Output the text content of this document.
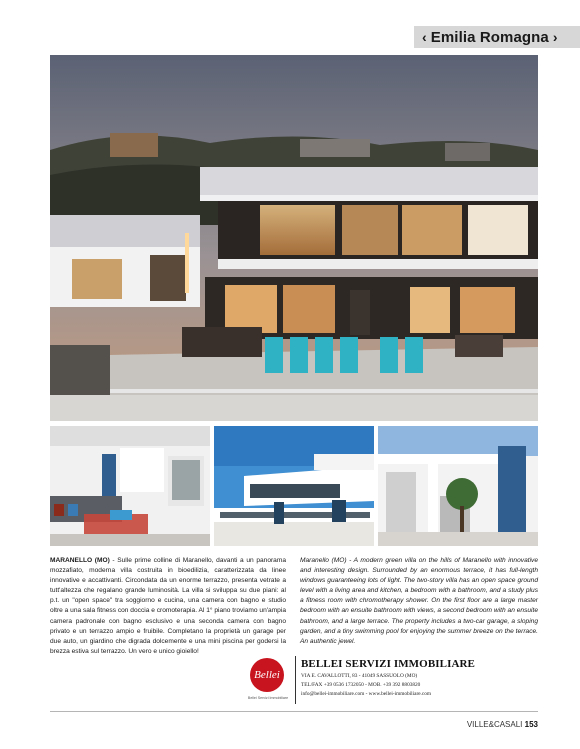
‹ Emilia Romagna ›
MARANELLO (MO) - Sulle prime colline di Maranello, davanti a un panorama mozzafiato, moderna villa costruita in bioedilizia, caratterizzata da linee innovative e accattivanti. Circondata da un enorme terrazzo, presenta vetrate a tutt'altezza che regalano grande luminosità. La villa si sviluppa su due piani: al p.t. un "open space" tra soggiorno e cucina, una camera con bagno e studio oltre a una sala fitness con doccia e cromoterapia. Al 1° piano troviamo un'ampia camera padronale con bagno esclusivo e una seconda camera con bagno privato e un terrazzo ampio e fruibile. Completano la proprietà un garage per due auto, un giardino che digrada dolcemente e una mini piscina per godersi la brezza estiva sul terrazzo. Un vero e unico gioiello!
Maranello (MO) - A modern green villa on the hills of Maranello with innovative and interesting design. Surrounded by an enormous terrace, it has full-length windows guaranteeing lots of light. The two-story villa has an open space ground level with a living area and kitchen, a bedroom with a bathroom, and a study plus a fitness room with chromotherapy shower. On the first floor are a large master bedroom with an ensuite bathroom with views, a second bedroom with an ensuite bathroom, and a large terrace. The property includes a two-car garage, a sloping garden, and a tiny swimming pool for enjoying the summer breeze on the terrace. An authentic jewel.
Bellei
Bellei Servizi Immobiliare
BELLEI SERVIZI IMMOBILIARE
VIA E. CAVALLOTTI, 83 - 41049 SASSUOLO (MO)
TEL/FAX +39 0536 1732050 - MOB. +39 392 8803820
info@bellei-immobiliare.com - www.bellei-immobiliare.com
VILLE&CASALI 153
